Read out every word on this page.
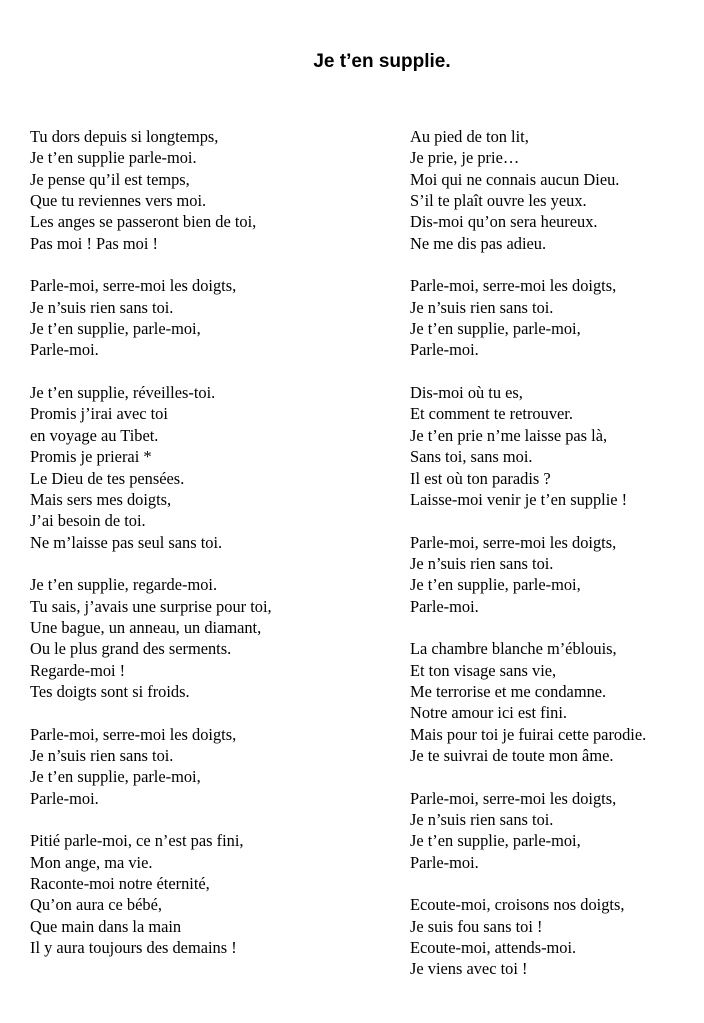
Je t’en supplie.
Tu dors depuis si longtemps,
Je t’en supplie parle-moi.
Je pense qu’il est temps,
Que tu reviennes vers moi.
Les anges se passeront bien de toi,
Pas moi ! Pas moi !
Parle-moi, serre-moi les doigts,
Je n’suis rien sans toi.
Je t’en supplie, parle-moi,
Parle-moi.
Je t’en supplie, réveilles-toi.
Promis j’irai avec toi
en voyage au Tibet.
Promis je prierai *
Le Dieu de tes pensées.
Mais sers mes doigts,
J’ai besoin de toi.
Ne m’laisse pas seul sans toi.
Je t’en supplie, regarde-moi.
Tu sais, j’avais une surprise pour toi,
Une bague, un anneau, un diamant,
Ou le plus grand des serments.
Regarde-moi !
Tes doigts sont si froids.
Parle-moi, serre-moi les doigts,
Je n’suis rien sans toi.
Je t’en supplie, parle-moi,
Parle-moi.
Pitié parle-moi, ce n’est pas fini,
Mon ange, ma vie.
Raconte-moi notre éternité,
Qu’on aura ce bébé,
Que main dans la main
Il y aura toujours des demains !
Au pied de ton lit,
Je prie, je prie…
Moi qui ne connais aucun Dieu.
S’il te plaît ouvre les yeux.
Dis-moi qu’on sera heureux.
Ne me dis pas adieu.
Parle-moi, serre-moi les doigts,
Je n’suis rien sans toi.
Je t’en supplie, parle-moi,
Parle-moi.
Dis-moi où tu es,
Et comment te retrouver.
Je t’en prie n’me laisse pas là,
Sans toi, sans moi.
Il est où ton paradis ?
Laisse-moi venir je t’en supplie !
Parle-moi, serre-moi les doigts,
Je n’suis rien sans toi.
Je t’en supplie, parle-moi,
Parle-moi.
La chambre blanche m’éblouis,
Et ton visage sans vie,
Me terrorise et me condamne.
Notre amour ici est fini.
Mais pour toi je fuirai cette parodie.
Je te suivrai de toute mon âme.
Parle-moi, serre-moi les doigts,
Je n’suis rien sans toi.
Je t’en supplie, parle-moi,
Parle-moi.
Ecoute-moi, croisons nos doigts,
Je suis fou sans toi !
Ecoute-moi, attends-moi.
Je viens avec toi !
